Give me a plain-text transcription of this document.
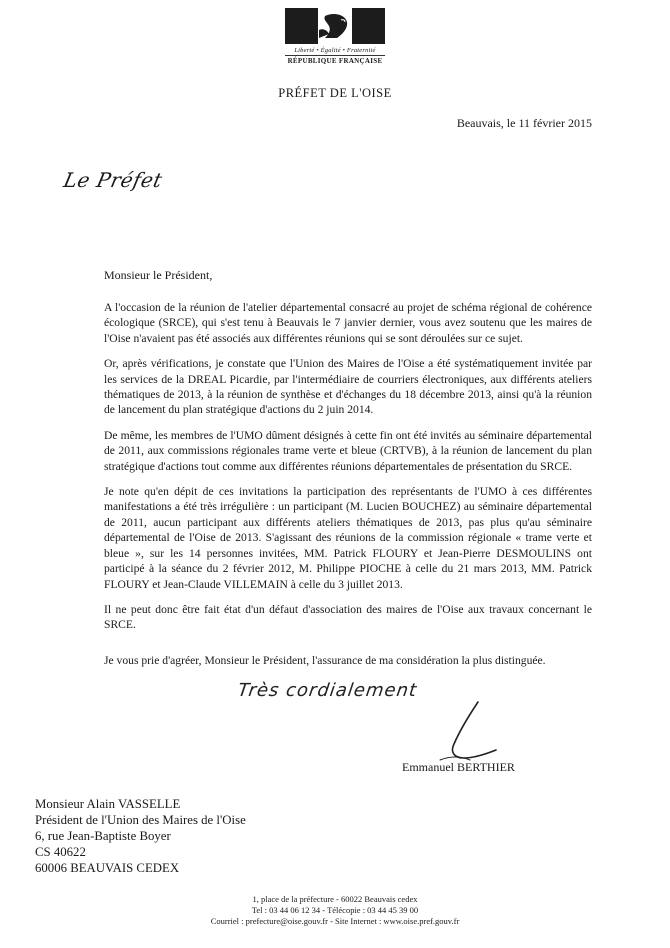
Liberté • Égalité • Fraternité
RÉPUBLIQUE FRANÇAISE
PRÉFET DE L'OISE
Beauvais, le 11 février 2015
Le Préfet
Monsieur le Président,

A l'occasion de la réunion de l'atelier départemental consacré au projet de schéma régional de cohérence écologique (SRCE), qui s'est tenu à Beauvais le 7 janvier dernier, vous avez soutenu que les maires de l'Oise n'avaient pas été associés aux différentes réunions qui se sont déroulées sur ce sujet.

Or, après vérifications, je constate que l'Union des Maires de l'Oise a été systématiquement invitée par les services de la DREAL Picardie, par l'intermédiaire de courriers électroniques, aux différents ateliers thématiques de 2013, à la réunion de synthèse et d'échanges du 18 décembre 2013, ainsi qu'à la réunion de lancement du plan stratégique d'actions du 2 juin 2014.

De même, les membres de l'UMO dûment désignés à cette fin ont été invités au séminaire départemental de 2011, aux commissions régionales trame verte et bleue (CRTVB), à la réunion de lancement du plan stratégique d'actions tout comme aux différentes réunions départementales de présentation du SRCE.

Je note qu'en dépit de ces invitations la participation des représentants de l'UMO à ces différentes manifestations a été très irrégulière : un participant (M. Lucien BOUCHEZ) au séminaire départemental de 2011, aucun participant aux différents ateliers thématiques de 2013, pas plus qu'au séminaire départemental de l'Oise de 2013. S'agissant des réunions de la commission régionale « trame verte et bleue », sur les 14 personnes invitées, MM. Patrick FLOURY et Jean-Pierre DESMOULINS ont participé à la séance du 2 février 2012, M. Philippe PIOCHE à celle du 21 mars 2013, MM. Patrick FLOURY et Jean-Claude VILLEMAIN à celle du 3 juillet 2013.

Il ne peut donc être fait état d'un défaut d'association des maires de l'Oise aux travaux concernant le SRCE.

Je vous prie d'agréer, Monsieur le Président, l'assurance de ma considération la plus distinguée.
Très cordialement
Emmanuel BERTHIER
Monsieur Alain VASSELLE
Président de l'Union des Maires de l'Oise
6, rue Jean-Baptiste Boyer
CS 40622
60006 BEAUVAIS CEDEX
1, place de la préfecture - 60022 Beauvais cedex
Tel : 03 44 06 12 34 - Télécopie : 03 44 45 39 00
Courriel : prefecture@oise.gouv.fr - Site Internet : www.oise.pref.gouv.fr
